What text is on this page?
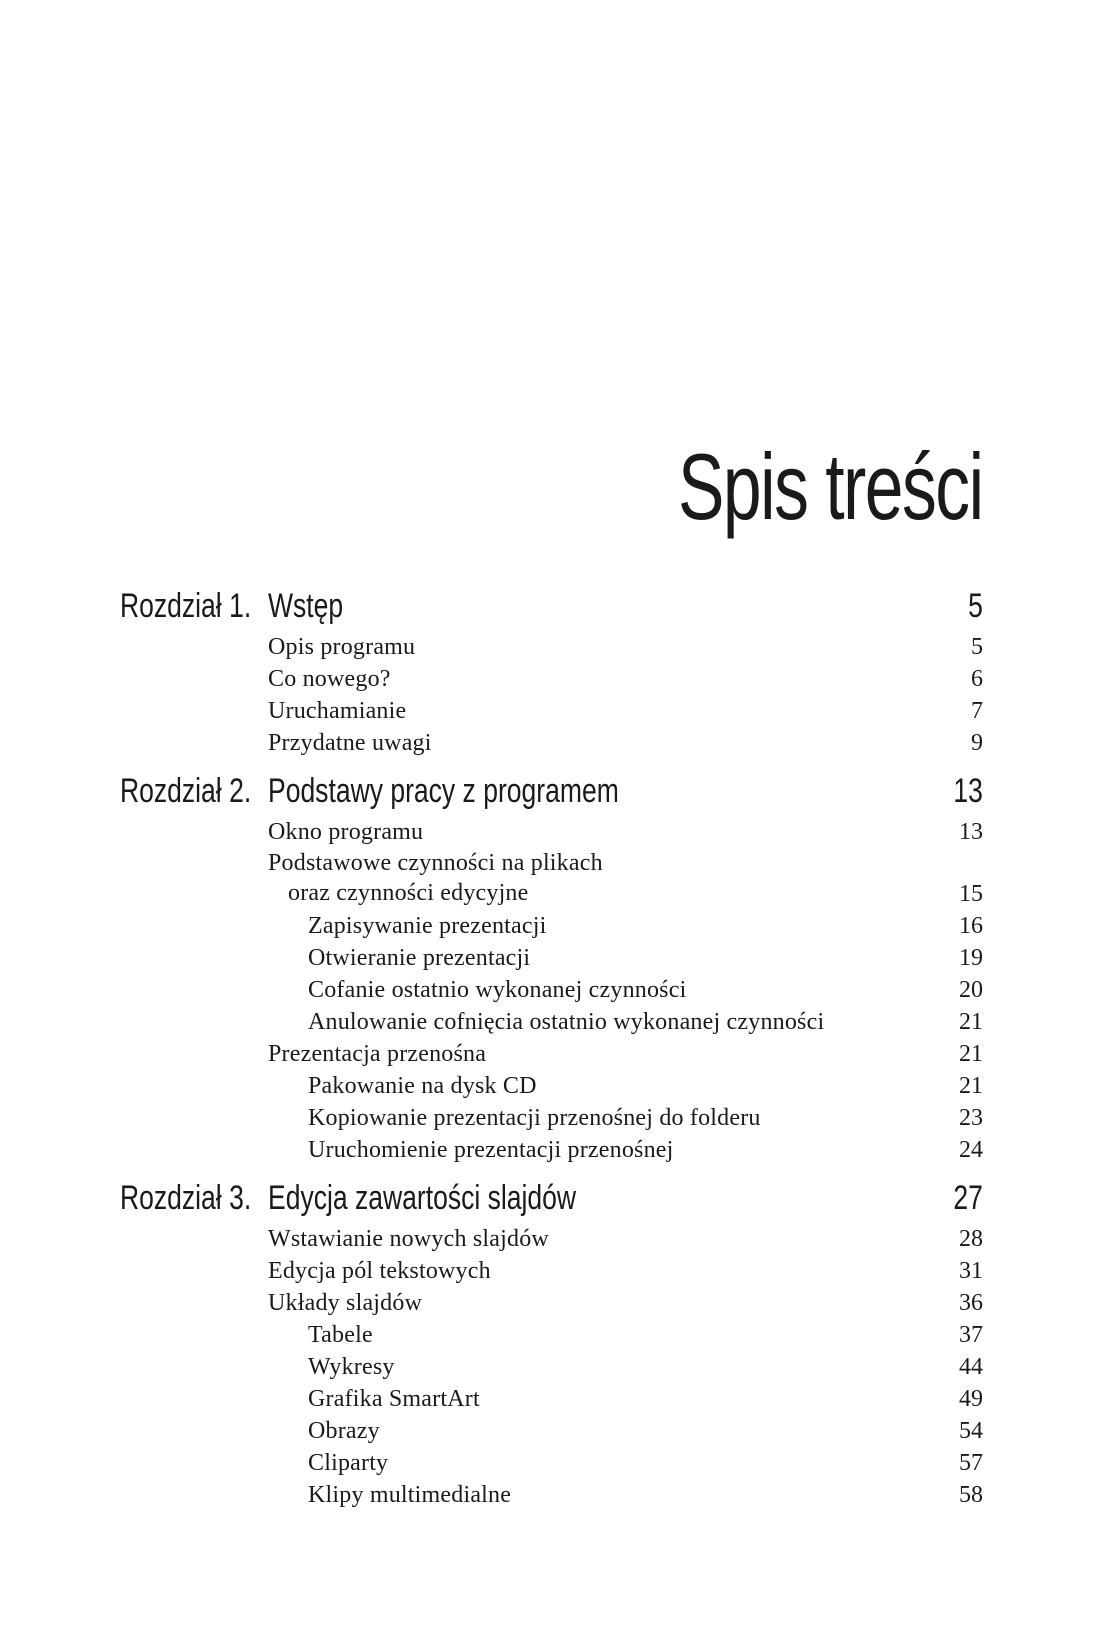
Spis treści
Rozdział 1. Wstęp	5
Opis programu	5
Co nowego?	6
Uruchamianie	7
Przydatne uwagi	9
Rozdział 2. Podstawy pracy z programem	13
Okno programu	13
Podstawowe czynności na plikach
oraz czynności edycyjne	15
Zapisywanie prezentacji	16
Otwieranie prezentacji	19
Cofanie ostatnio wykonanej czynności	20
Anulowanie cofnięcia ostatnio wykonanej czynności	21
Prezentacja przenośna	21
Pakowanie na dysk CD	21
Kopiowanie prezentacji przenośnej do folderu	23
Uruchomienie prezentacji przenośnej	24
Rozdział 3. Edycja zawartości slajdów	27
Wstawianie nowych slajdów	28
Edycja pól tekstowych	31
Układy slajdów	36
Tabele	37
Wykresy	44
Grafika SmartArt	49
Obrazy	54
Cliparty	57
Klipy multimedialne	58
